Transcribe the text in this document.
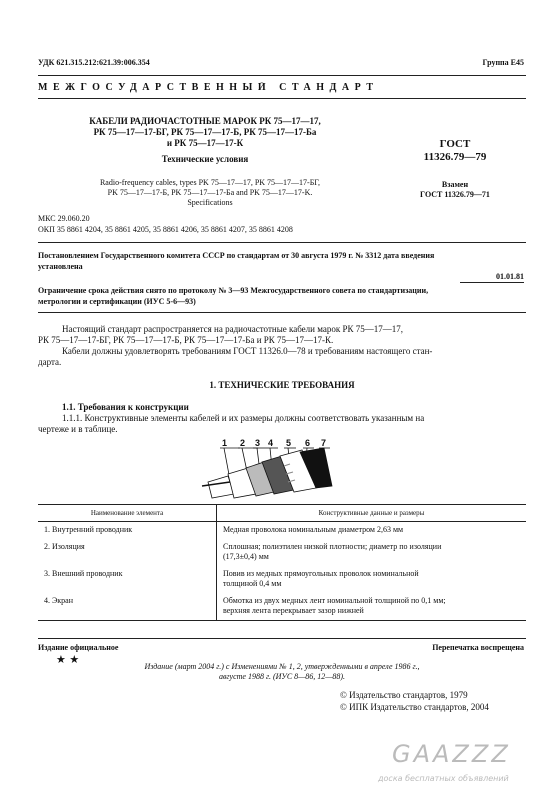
УДК 621.315.212:621.39:006.354	Группа Е45
МЕЖГОСУДАРСТВЕННЫЙ СТАНДАРТ
КАБЕЛИ РАДИОЧАСТОТНЫЕ МАРОК РК 75—17—17,
РК 75—17—17-БГ, РК 75—17—17-Б, РК 75—17—17-Ба
и РК 75—17—17-К
Технические условия
Radio-frequency cables, types PK 75—17—17, PK 75—17—17-БГ,
PK 75—17—17-Б, PK 75—17—17-Ба and PK 75—17—17-K.
Specifications
ГОСТ
11326.79—79
Взамен
ГОСТ 11326.79—71
МКС 29.060.20
ОКП 35 8861 4204, 35 8861 4205, 35 8861 4206, 35 8861 4207, 35 8861 4208
Постановлением Государственного комитета СССР по стандартам от 30 августа 1979 г. № 3312 дата введения
установлена
01.01.81
Ограничение срока действия снято по протоколу № 3—93 Межгосударственного совета по стандартизации,
метрологии и сертификации (ИУС 5-6—93)
Настоящий стандарт распространяется на радиочастотные кабели марок РК 75—17—17,
РК 75—17—17-БГ, РК 75—17—17-Б, РК 75—17—17-Ба и РК 75—17—17-К.
Кабели должны удовлетворять требованиям ГОСТ 11326.0—78 и требованиям настоящего стан-
дарта.
1. ТЕХНИЧЕСКИЕ ТРЕБОВАНИЯ
1.1. Требования к конструкции
1.1.1. Конструктивные элементы кабелей и их размеры должны соответствовать указанным на
чертеже и в таблице.
1 2 3 4 5 6 7
Наименование элемента	Конструктивные данные и размеры
1. Внутренний проводник	Медная проволока номинальным диаметром 2,63 мм

2. Изоляция	Сплошная; полиэтилен низкой плотности; диаметр по изоляции
(17,3±0,4) мм

3. Внешний проводник	Повив из медных прямоугольных проволок номинальной
толщиной 0,4 мм

4. Экран	Обмотка из двух медных лент номинальной толщиной по 0,1 мм;
верхняя лента перекрывает зазор нижней
Издание официальное	Перепечатка воспрещена
★ ★
Издание (март 2004 г.) с Изменениями № 1, 2, утвержденными в апреле 1986 г.,
августе 1988 г. (ИУС 8—86, 12—88).
© Издательство стандартов, 1979
© ИПК Издательство стандартов, 2004
GAAZZZ
доска бесплатных объявлений
